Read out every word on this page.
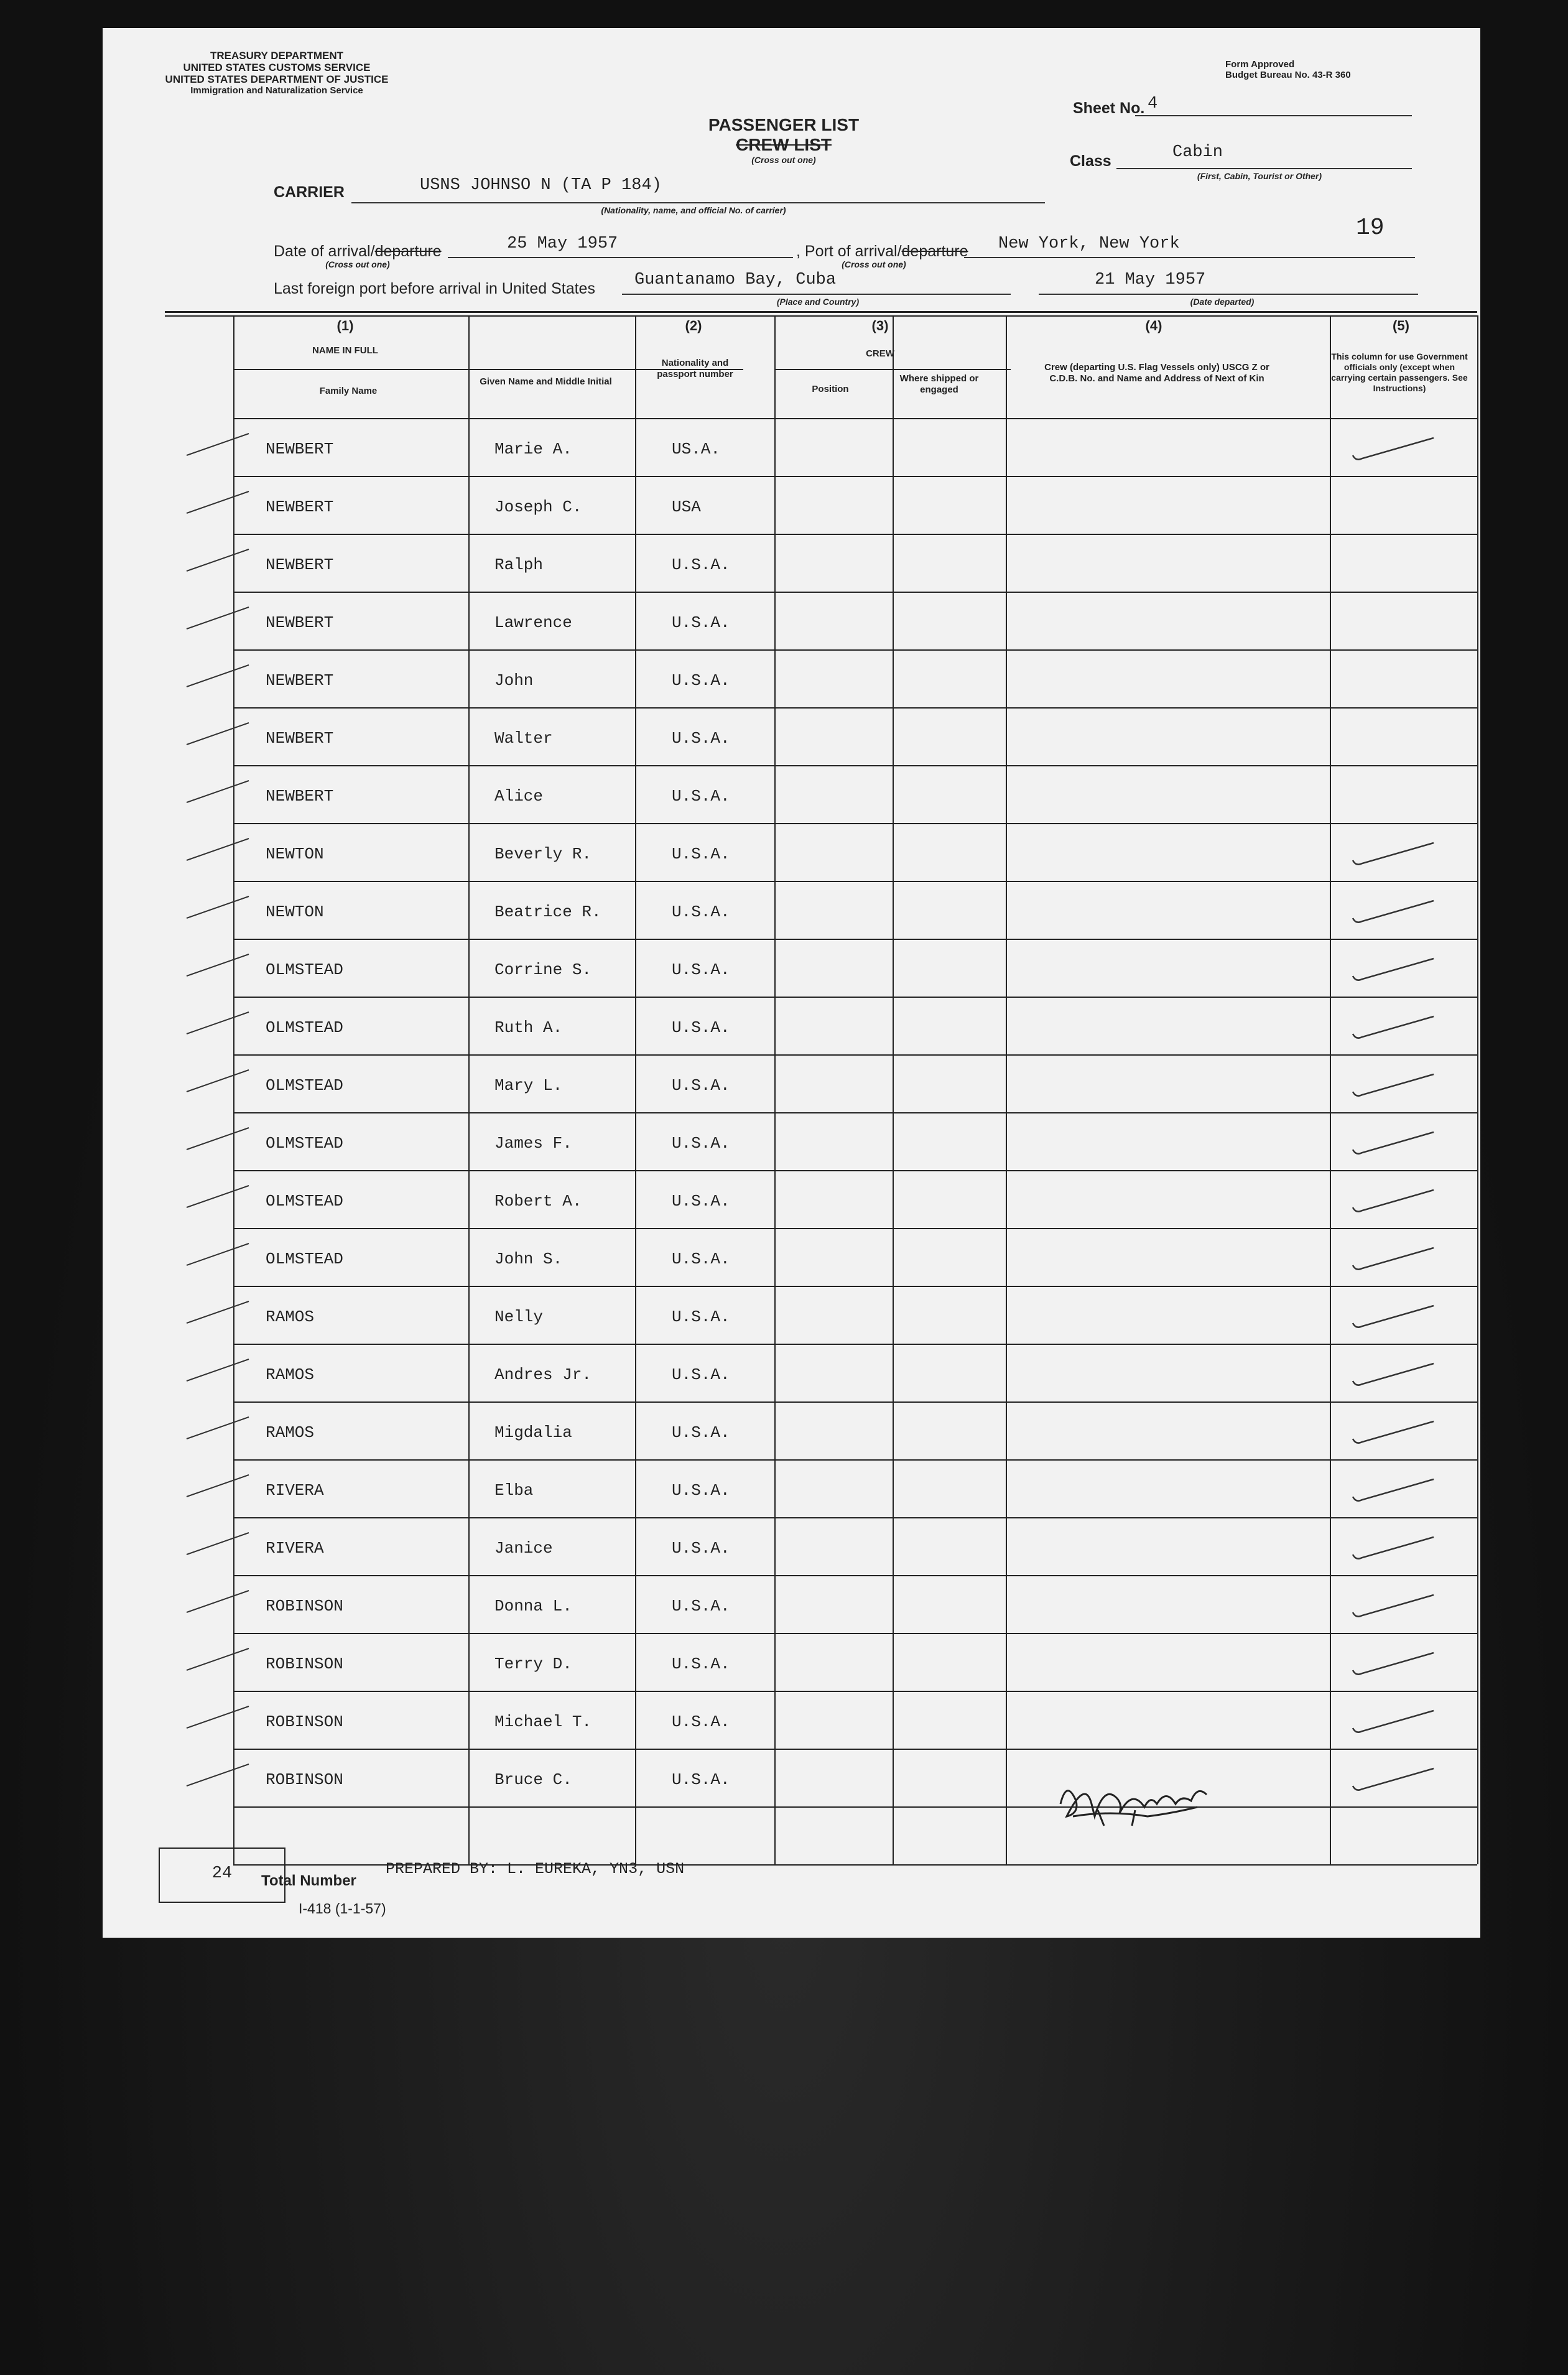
TREASURY DEPARTMENT
UNITED STATES CUSTOMS SERVICE
UNITED STATES DEPARTMENT OF JUSTICE
Immigration and Naturalization Service
Form Approved
Budget Bureau No. 43-R 360
PASSENGER LIST
CREW LIST
(Cross out one)
Sheet No. 4
Class	Cabin
(First, Cabin, Tourist or Other)
CARRIER	USNS JOHNSO N (TA P 184)
(Nationality, name, and official No. of carrier)
19
Date of arrival/departure	25 May 1957
(Cross out one)
, Port of arrival/departure New York, New York
(Cross out one)
Last foreign port before arrival in United States Guantanamo Bay, Cuba
(Place and Country)
21 May 1957
(Date departed)
(1)
NAME IN FULL
Family Name
Given Name and Middle Initial
(2)
Nationality and passport number
(3)
CREW
Position
Where shipped or engaged
(4)
Crew (departing U.S. Flag Vessels only) USCG Z or C.D.B. No. and Name and Address of Next of Kin
(5)
This column for use Government officials only (except when carrying certain passengers. See Instructions)
NEWBERT	Marie A.	US.A.
NEWBERT	Joseph C.	USA
NEWBERT	Ralph	U.S.A.
NEWBERT	Lawrence	U.S.A.
NEWBERT	John	U.S.A.
NEWBERT	Walter	U.S.A.
NEWBERT	Alice	U.S.A.
NEWTON	Beverly R.	U.S.A.
NEWTON	Beatrice R.	U.S.A.
OLMSTEAD	Corrine S.	U.S.A.
OLMSTEAD	Ruth A.	U.S.A.
OLMSTEAD	Mary L.	U.S.A.
OLMSTEAD	James F.	U.S.A.
OLMSTEAD	Robert A.	U.S.A.
OLMSTEAD	John S.	U.S.A.
RAMOS	Nelly	U.S.A.
RAMOS	Andres Jr.	U.S.A.
RAMOS	Migdalia	U.S.A.
RIVERA	Elba	U.S.A.
RIVERA	Janice	U.S.A.
ROBINSON	Donna L.	U.S.A.
ROBINSON	Terry D.	U.S.A.
ROBINSON	Michael T.	U.S.A.
ROBINSON	Bruce C.	U.S.A.
24	Total Number
PREPARED BY: L. EUREKA, YN3, USN
I-418 (1-1-57)
